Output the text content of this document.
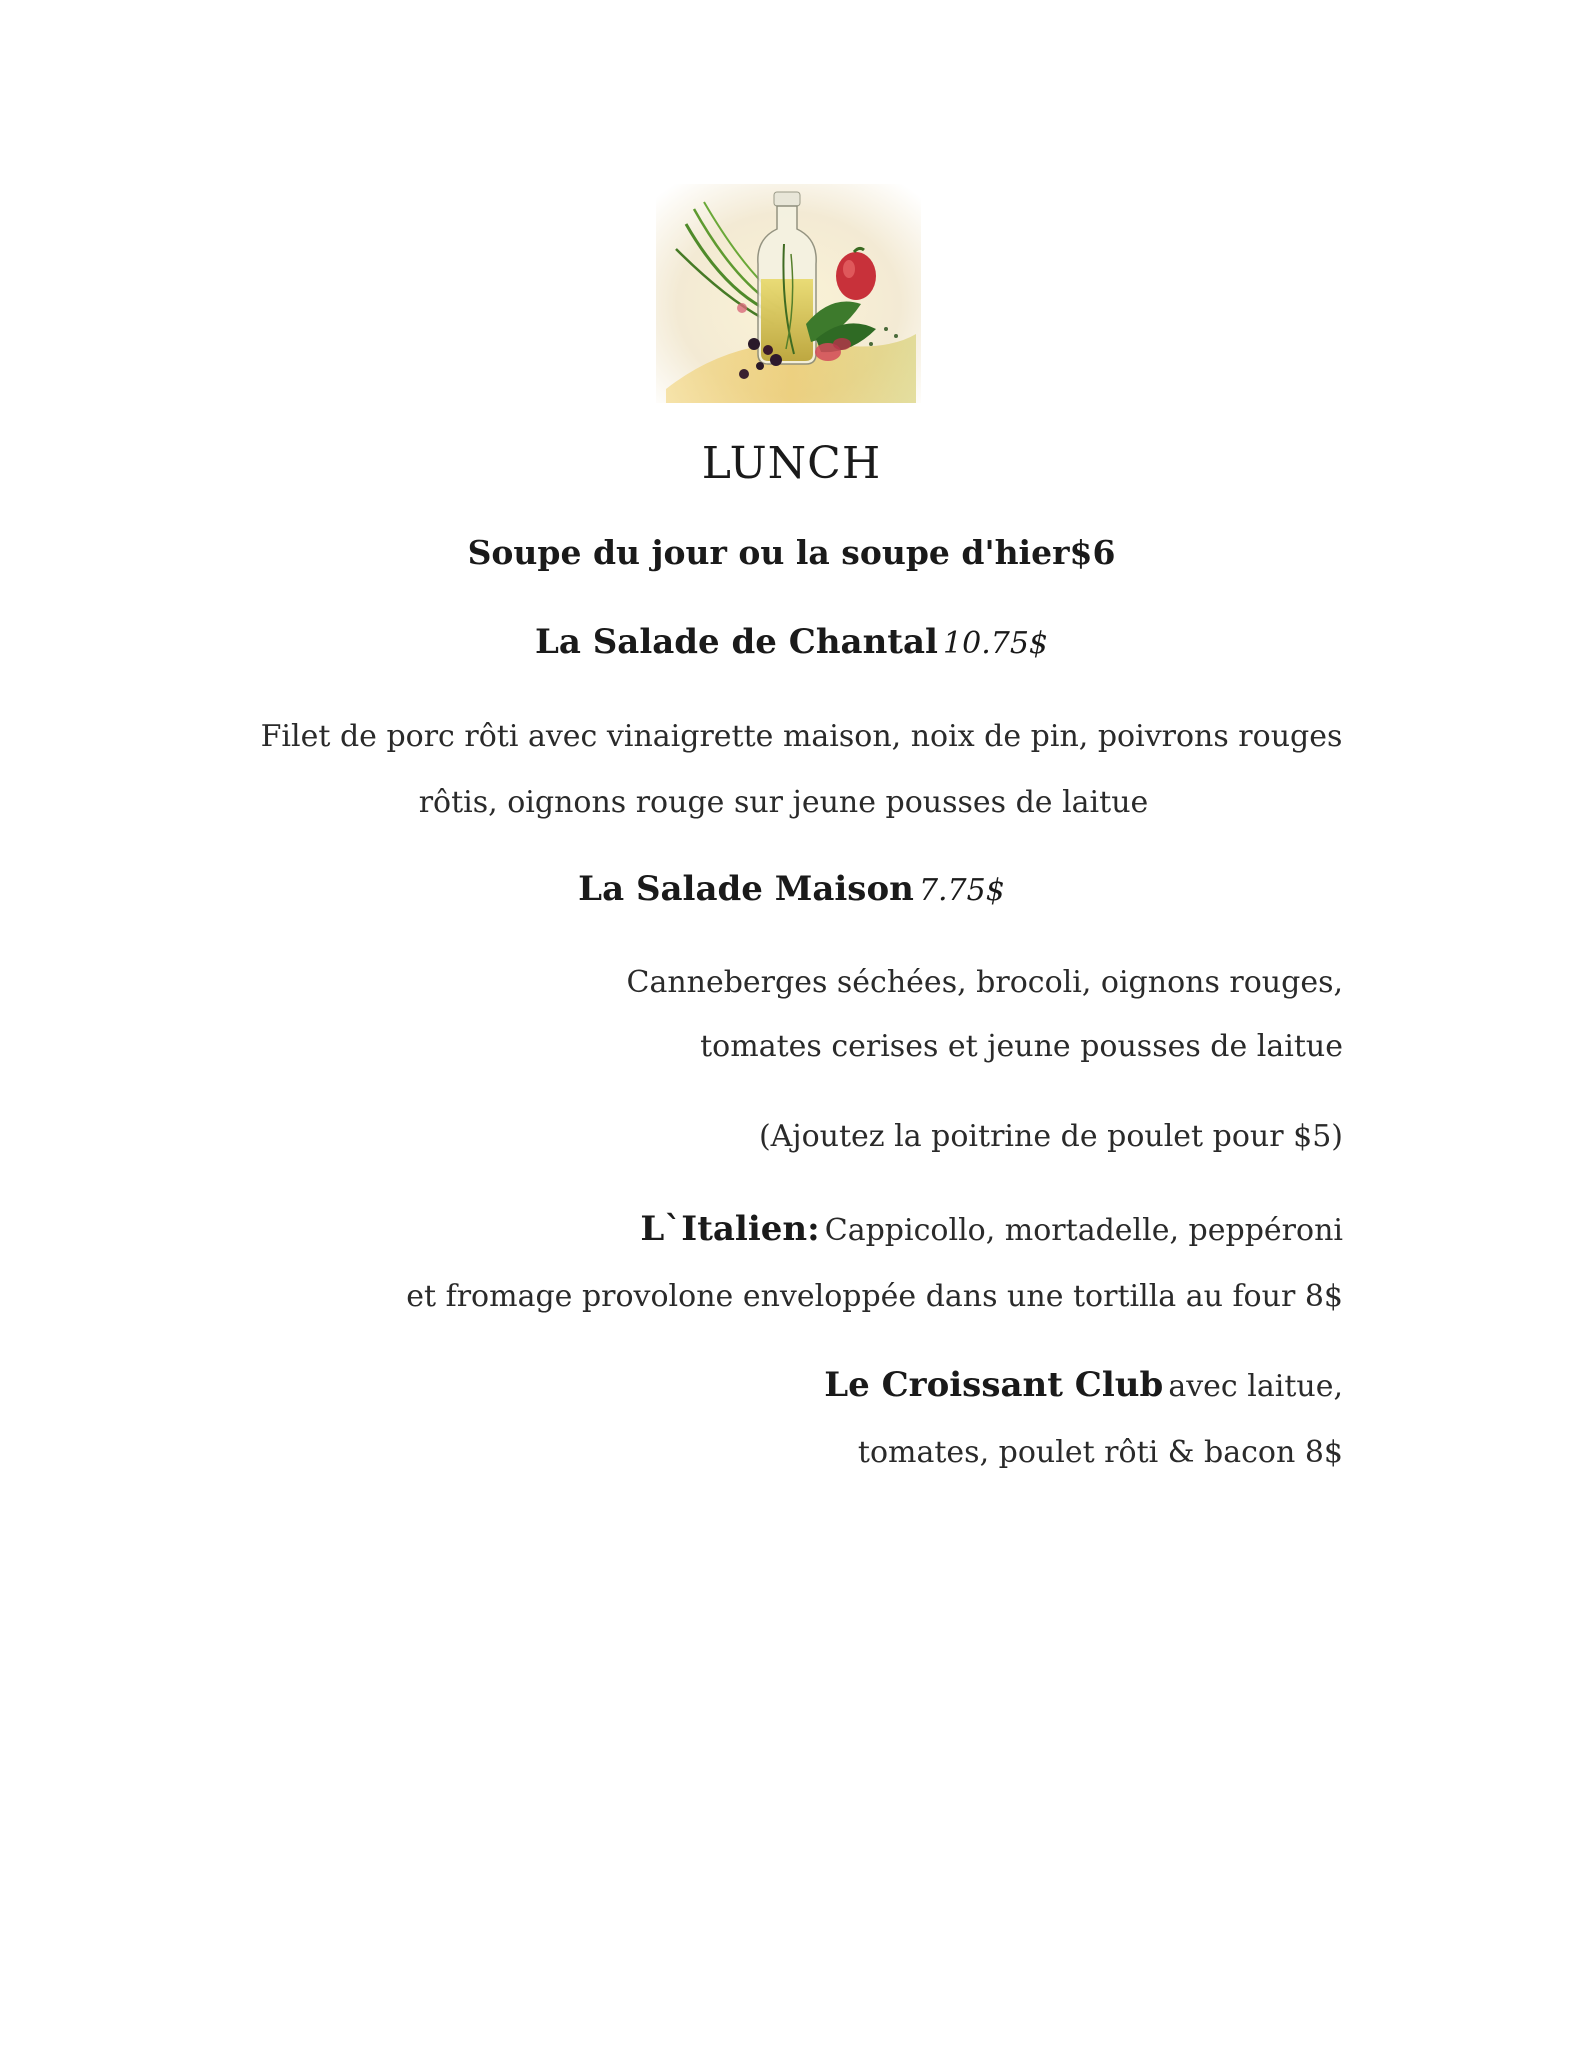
LUNCH
Soupe du jour ou la soupe d'hier$6
La Salade de Chantal 10.75$
Filet de porc rôti avec vinaigrette maison, noix de pin, poivrons rouges
rôtis, oignons rouge sur jeune pousses de laitue
La Salade Maison 7.75$
Canneberges séchées, brocoli, oignons rouges,
tomates cerises et jeune pousses de laitue
(Ajoutez la poitrine de poulet pour $5)
L`Italien: Cappicollo, mortadelle, peppéroni
et fromage provolone enveloppée dans une tortilla au four 8$
Le Croissant Club avec laitue,
tomates, poulet rôti & bacon 8$
